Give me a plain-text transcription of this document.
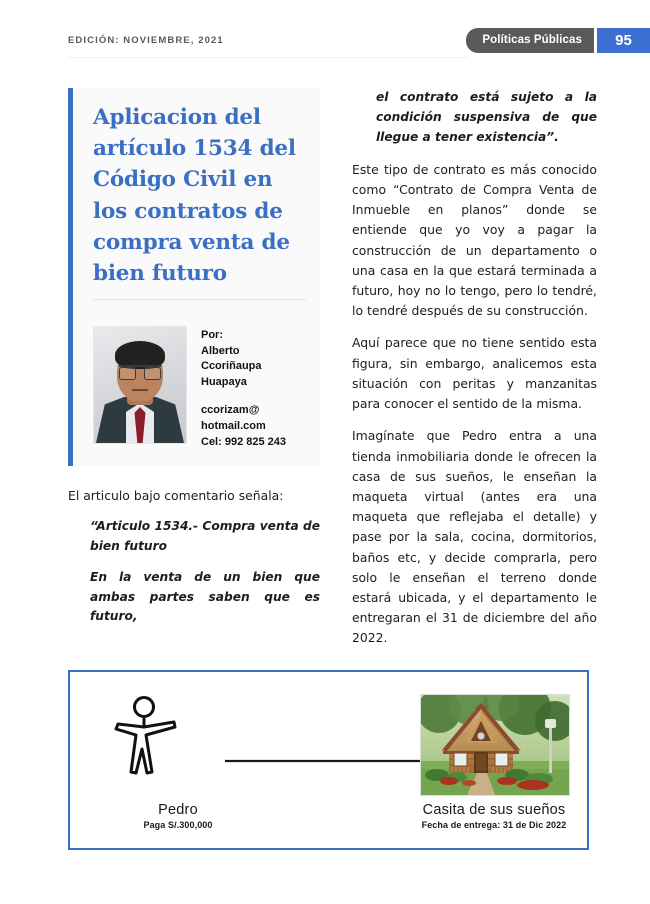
EDICIÓN: NOVIEMBRE, 2021	Políticas Públicas	95
Aplicacion del artículo 1534 del Código Civil en los contratos de compra venta de bien futuro
Por:
Alberto
Ccoriñaupa
Huapaya
ccorizam@
hotmail.com
Cel: 992 825 243

El articulo bajo comentario señala:

“Articulo 1534.- Compra venta de bien futuro

En la venta de un bien que ambas partes saben que es futuro,

el contrato está sujeto a la condición suspensiva de que llegue a tener existencia”.

Este tipo de contrato es más conocido como “Contrato de Compra Venta de Inmueble en planos” donde se entiende que yo voy a pagar la construcción de un departamento o una casa en la que estará terminada a futuro, hoy no lo tengo, pero lo tendré, lo tendré después de su construcción.

Aquí parece que no tiene sentido esta figura, sin embargo, analicemos esta situación con peritas y manzanitas para conocer el sentido de la misma.

Imagínate que Pedro entra a una tienda inmobiliaria donde le ofrecen la casa de sus sueños, le enseñan la maqueta virtual (antes era una maqueta que reflejaba el detalle) y pase por la sala, cocina, dormitorios, baños etc, y decide comprarla, pero solo le enseñan el terreno donde estará ubicada, y el departamento le entregaran el 31 de diciembre del año 2022.

Pedro
Paga S/.300,000
Casita de sus sueños
Fecha de entrega: 31 de Dic 2022
